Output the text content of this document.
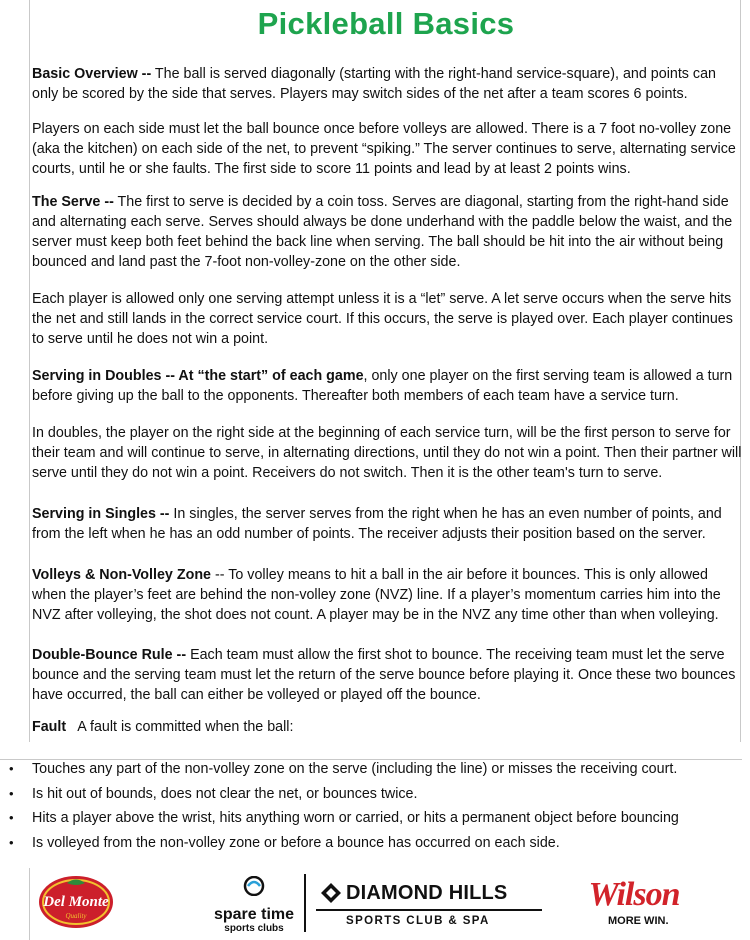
Pickleball Basics

Basic Overview -- The ball is served diagonally (starting with the right-hand service-square), and points can only be scored by the side that serves. Players may switch sides of the net after a team scores 6 points.

Players on each side must let the ball bounce once before volleys are allowed. There is a 7 foot no-volley zone (aka the kitchen) on each side of the net, to prevent “spiking.” The server continues to serve, alternating service courts, until he or she faults. The first side to score 11 points and lead by at least 2 points wins.

The Serve -- The first to serve is decided by a coin toss. Serves are diagonal, starting from the right-hand side and alternating each serve. Serves should always be done underhand with the paddle below the waist, and the server must keep both feet behind the back line when serving. The ball should be hit into the air without being bounced and land past the 7-foot non-volley-zone on the other side.

Each player is allowed only one serving attempt unless it is a “let” serve. A let serve occurs when the serve hits the net and still lands in the correct service court. If this occurs, the serve is played over. Each player continues to serve until he does not win a point.

Serving in Doubles -- At “the start” of each game, only one player on the first serving team is allowed a turn before giving up the ball to the opponents. Thereafter both members of each team have a service turn.

In doubles, the player on the right side at the beginning of each service turn, will be the first person to serve for their team and will continue to serve, in alternating directions, until they do not win a point. Then their partner will serve until they do not win a point. Receivers do not switch. Then it is the other team's turn to serve.

Serving in Singles -- In singles, the server serves from the right when he has an even number of points, and from the left when he has an odd number of points. The receiver adjusts their position based on the server.

Volleys & Non-Volley Zone -- To volley means to hit a ball in the air before it bounces. This is only allowed when the player’s feet are behind the non-volley zone (NVZ) line. If a player’s momentum carries him into the NVZ after volleying, the shot does not count. A player may be in the NVZ any time other than when volleying.

Double-Bounce Rule -- Each team must allow the first shot to bounce. The receiving team must let the serve bounce and the serving team must let the return of the serve bounce before playing it. Once these two bounces have occurred, the ball can either be volleyed or played off the bounce.

Fault   A fault is committed when the ball:

•	Touches any part of the non-volley zone on the serve (including the line) or misses the receiving court.
•	Is hit out of bounds, does not clear the net, or bounces twice.
•	Hits a player above the wrist, hits anything worn or carried, or hits a permanent object before bouncing
•	Is volleyed from the non-volley zone or before a bounce has occurred on each side.
Del Monte
Quality	spare time
sports clubs
DIAMOND HILLS
SPORTS CLUB & SPA
Wilson
MORE WIN.
